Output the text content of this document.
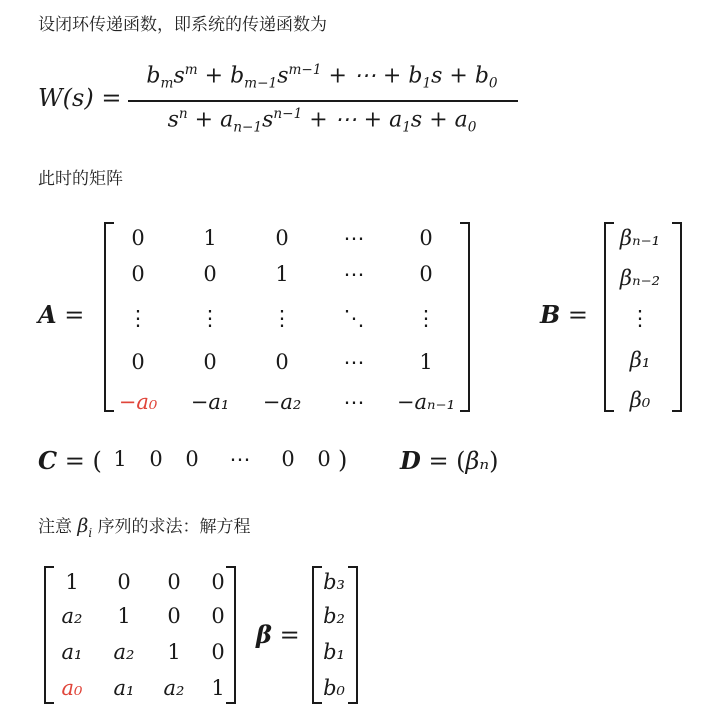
设闭环传递函数，即系统的传递函数为
W(s) =
$b_ms^m + b_{m-1}s^{m-1}$ + ⋯ + $b_1s + b_0$
$s^n + a_{n-1}s^{n-1}$ + ⋯ + $a_1s + a_0$
此时的矩阵
A =
0	1	0	⋯	0
0	0	1	⋯	0
⋮ ⋮ ⋮ ⋱ ⋮
0	0	0	⋯	1
−a₀ −a₁ −a₂ ⋯ −aₙ₋₁
B =
βₙ₋₁
βₙ₋₂
⋮
β₁
β₀
C = ( 1 0 0 ⋯ 0 0 ) D = (βₙ)
注意 $\beta_i$ 序列的求法：解方程
1 0 0 0
a₂ 1 0 0
a₁ a₂ 1 0
a₀ a₁ a₂ 1
β =
b₃
b₂
b₁
b₀
